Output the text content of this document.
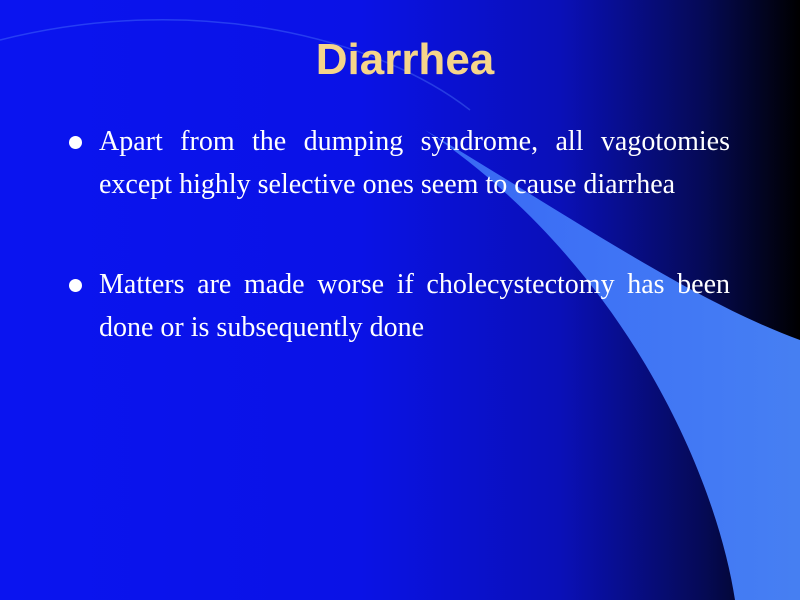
Diarrhea
Apart from the dumping syndrome, all vagotomies except highly selective ones seem to cause diarrhea
Matters are made worse if cholecystectomy has been done or is subsequently done
